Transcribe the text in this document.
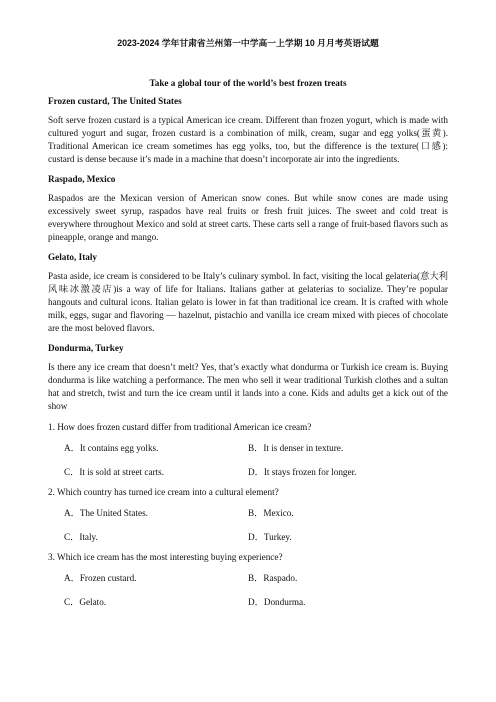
2023-2024 学年甘肃省兰州第一中学高一上学期 10 月月考英语试题
Take a global tour of the world’s best frozen treats
Frozen custard, The United States

Soft serve frozen custard is a typical American ice cream. Different than frozen yogurt, which is made with cultured yogurt and sugar, frozen custard is a combination of milk, cream, sugar and egg yolks(蛋黄). Traditional American ice cream sometimes has egg yolks, too, but the difference is the texture(口感): custard is dense because it’s made in a machine that doesn’t incorporate air into the ingredients.

Raspado, Mexico

Raspados are the Mexican version of American snow cones. But while snow cones are made using excessively sweet syrup, raspados have real fruits or fresh fruit juices. The sweet and cold treat is everywhere throughout Mexico and sold at street carts. These carts sell a range of fruit-based flavors such as pineapple, orange and mango.

Gelato, Italy

Pasta aside, ice cream is considered to be Italy’s culinary symbol. In fact, visiting the local gelateria(意大利风味冰激凌店)is a way of life for Italians. Italians gather at gelaterias to socialize. They’re popular hangouts and cultural icons. Italian gelato is lower in fat than traditional ice cream. It is crafted with whole milk, eggs, sugar and flavoring — hazelnut, pistachio and vanilla ice cream mixed with pieces of chocolate are the most beloved flavors.

Dondurma, Turkey

Is there any ice cream that doesn’t melt? Yes, that’s exactly what dondurma or Turkish ice cream is. Buying dondurma is like watching a performance. The men who sell it wear traditional Turkish clothes and a sultan hat and stretch, twist and turn the ice cream until it lands into a cone. Kids and adults get a kick out of the show

1. How does frozen custard differ from traditional American ice cream?
A．It contains egg yolks.	B．It is denser in texture.
C．It is sold at street carts.	D．It stays frozen for longer.
2. Which country has turned ice cream into a cultural element?
A．The United States.	B．Mexico.
C．Italy.	D．Turkey.
3. Which ice cream has the most interesting buying experience?
A．Frozen custard.	B．Raspado.
C．Gelato.	D．Dondurma.
